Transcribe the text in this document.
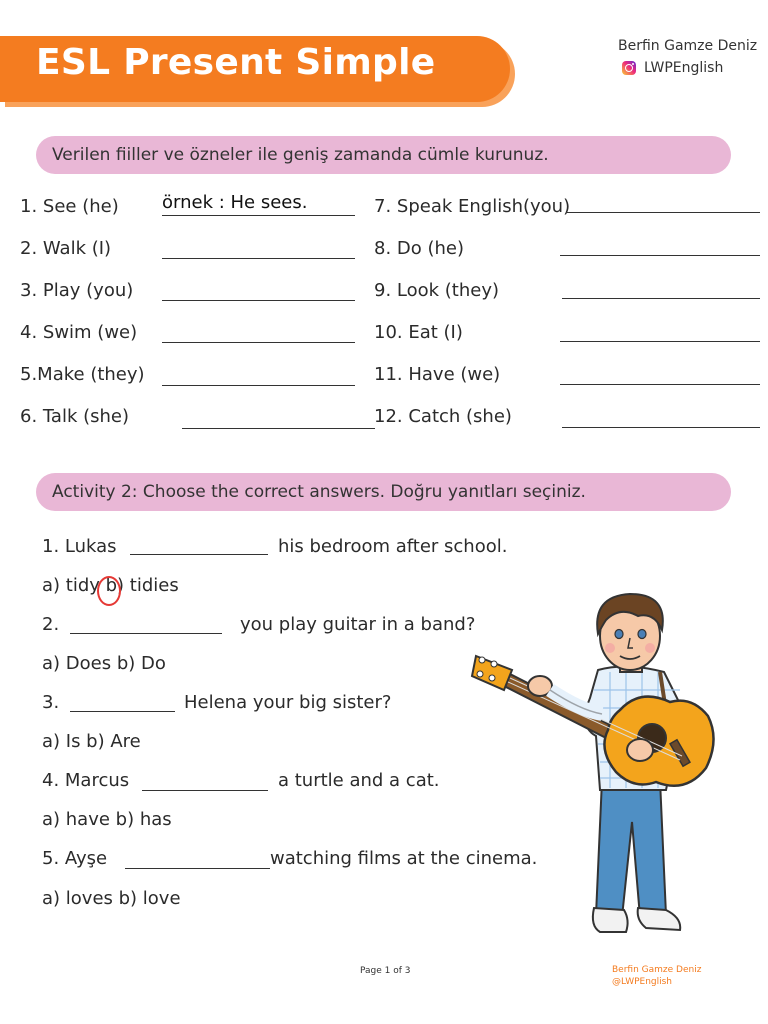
ESL Present Simple	Berfin Gamze Deniz
LWPEnglish
Verilen fiiller ve özneler ile geniş zamanda cümle kurunuz.
1. See (he)
2. Walk (I)
3. Play (you)
4. Swim (we)
5.Make (they)
6. Talk (she)
örnek : He sees.	7. Speak English(you)
8. Do (he)
9. Look (they)
10. Eat (I)
11. Have (we)
12. Catch (she)
Activity 2: Choose the correct answers. Doğru yanıtları seçiniz.
1. Lukas	his bedroom after school.
a) tidy b) tidies
2.	you play guitar in a band?
a) Does b) Do
3.	Helena your big sister?
a) Is b) Are
4. Marcus	a turtle and a cat.
a) have b) has
5. Ayşe	watching films at the cinema.
a) loves b) love
Page 1 of 3	Berfin Gamze Deniz
@LWPEnglish
